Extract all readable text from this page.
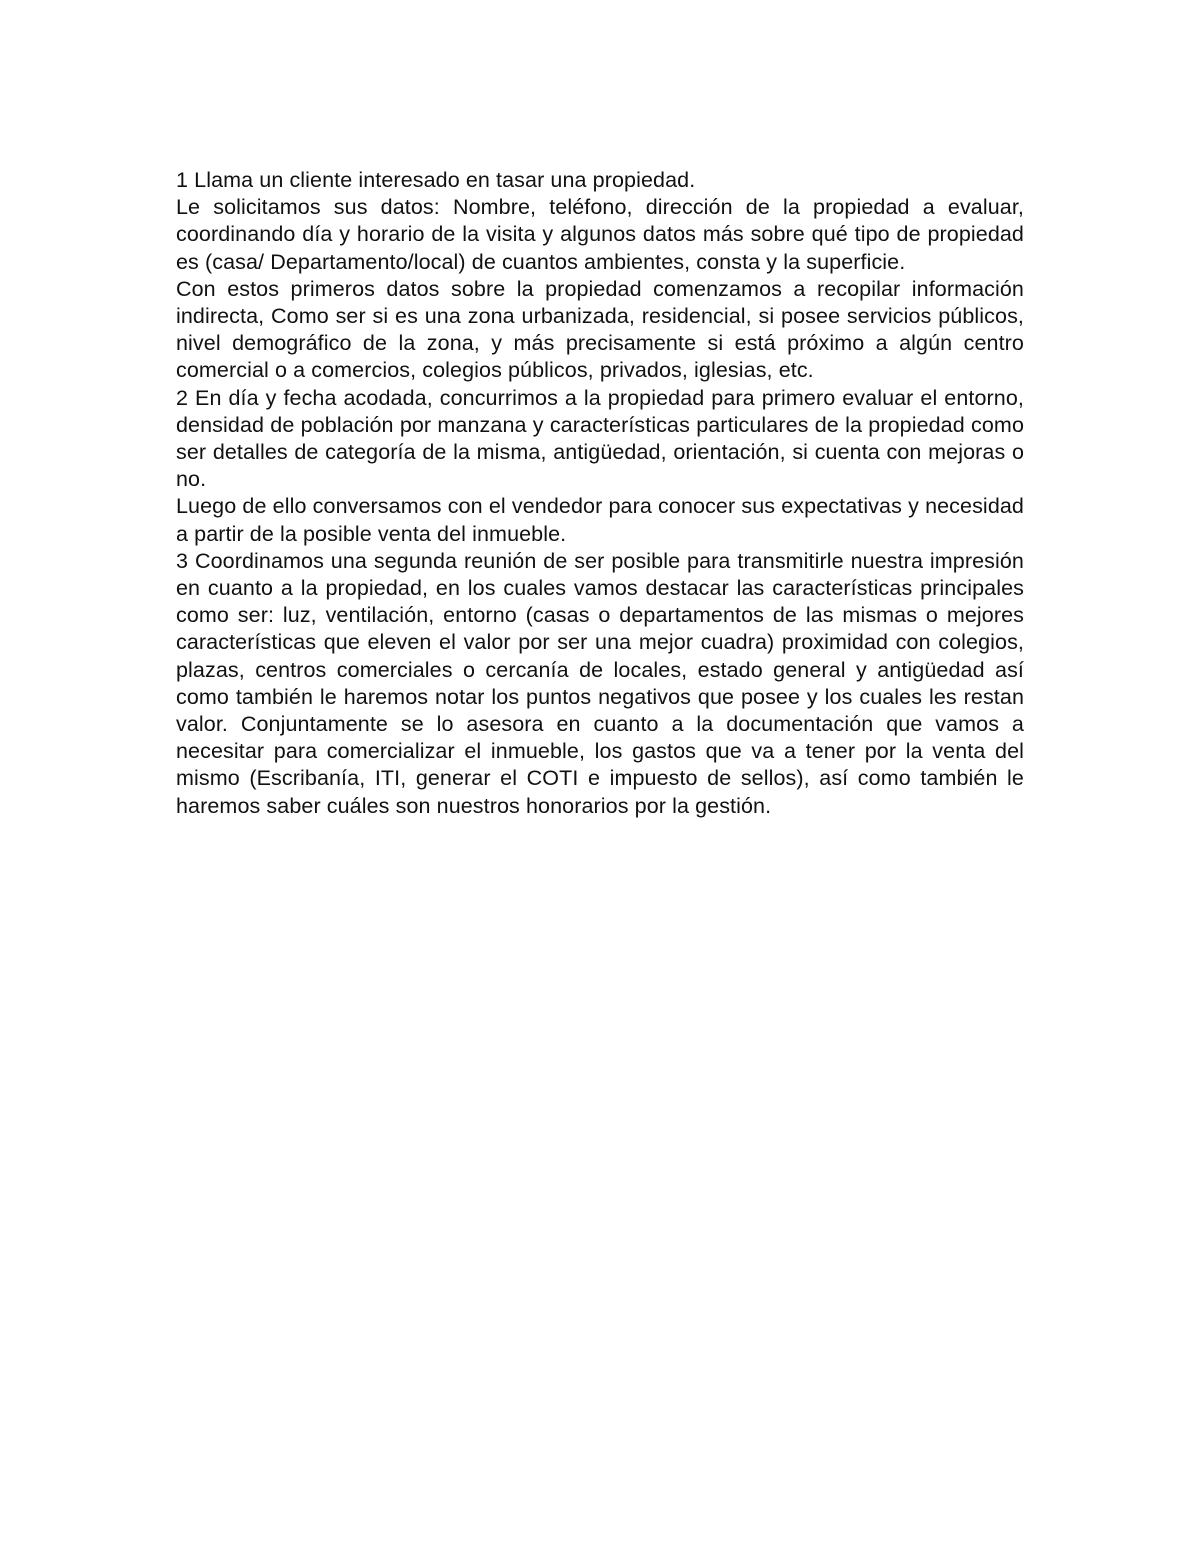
1 Llama un cliente interesado en tasar una propiedad.

Le solicitamos sus datos: Nombre, teléfono, dirección de la propiedad a evaluar, coordinando día y horario de la visita y algunos datos más sobre qué tipo de propiedad es (casa/ Departamento/local) de cuantos ambientes, consta y la superficie.

Con estos primeros datos sobre la propiedad comenzamos a recopilar información indirecta, Como ser si es una zona urbanizada, residencial, si posee servicios públicos, nivel demográfico de la zona, y más precisamente si está próximo a algún centro comercial o a comercios, colegios públicos, privados, iglesias, etc.

2 En día y fecha acodada, concurrimos a la propiedad para primero evaluar el entorno, densidad de población por manzana y características particulares de la propiedad como ser detalles de categoría de la misma, antigüedad, orientación, si cuenta con mejoras o no.

Luego de ello conversamos con el vendedor para conocer sus expectativas y necesidad a partir de la posible venta del inmueble.

3 Coordinamos una segunda reunión de ser posible para transmitirle nuestra impresión en cuanto a la propiedad, en los cuales vamos destacar las características principales como ser: luz, ventilación, entorno (casas o departamentos de las mismas o mejores características que eleven el valor por ser una mejor cuadra) proximidad con colegios, plazas, centros comerciales o cercanía de locales, estado general y antigüedad así como también le haremos notar los puntos negativos que posee y los cuales les restan valor. Conjuntamente se lo asesora en cuanto a la documentación que vamos a necesitar para comercializar el inmueble, los gastos que va a tener por la venta del mismo (Escribanía, ITI, generar el COTI e impuesto de sellos), así como también le haremos saber cuáles son nuestros honorarios por la gestión.
